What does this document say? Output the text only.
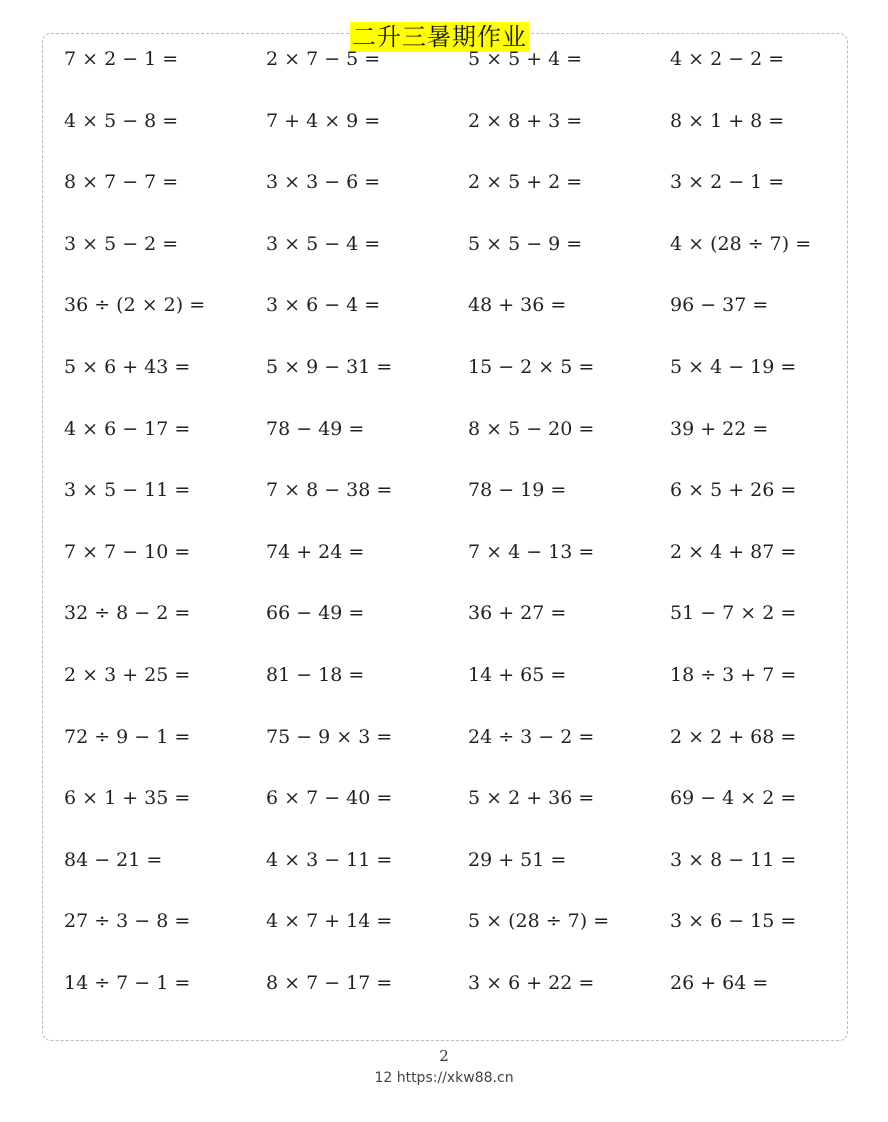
二升三暑期作业
7 × 2 − 1 =	2 × 7 − 5 =	5 × 5 + 4 =	4 × 2 − 2 =
4 × 5 − 8 =	7 + 4 × 9 =	2 × 8 + 3 =	8 × 1 + 8 =
8 × 7 − 7 =	3 × 3 − 6 =	2 × 5 + 2 =	3 × 2 − 1 =
3 × 5 − 2 =	3 × 5 − 4 =	5 × 5 − 9 =	4 × (28 ÷ 7) =
36 ÷ (2 × 2) =	3 × 6 − 4 =	48 + 36 =	96 − 37 =
5 × 6 + 43 =	5 × 9 − 31 =	15 − 2 × 5 =	5 × 4 − 19 =
4 × 6 − 17 =	78 − 49 =	8 × 5 − 20 =	39 + 22 =
3 × 5 − 11 =	7 × 8 − 38 =	78 − 19 =	6 × 5 + 26 =
7 × 7 − 10 =	74 + 24 =	7 × 4 − 13 =	2 × 4 + 87 =
32 ÷ 8 − 2 =	66 − 49 =	36 + 27 =	51 − 7 × 2 =
2 × 3 + 25 =	81 − 18 =	14 + 65 =	18 ÷ 3 + 7 =
72 ÷ 9 − 1 =	75 − 9 × 3 =	24 ÷ 3 − 2 =	2 × 2 + 68 =
6 × 1 + 35 =	6 × 7 − 40 =	5 × 2 + 36 =	69 − 4 × 2 =
84 − 21 =	4 × 3 − 11 =	29 + 51 =	3 × 8 − 11 =
27 ÷ 3 − 8 =	4 × 7 + 14 =	5 × (28 ÷ 7) =	3 × 6 − 15 =
14 ÷ 7 − 1 =	8 × 7 − 17 =	3 × 6 + 22 =	26 + 64 =
2
12 https://xkw88.cn
